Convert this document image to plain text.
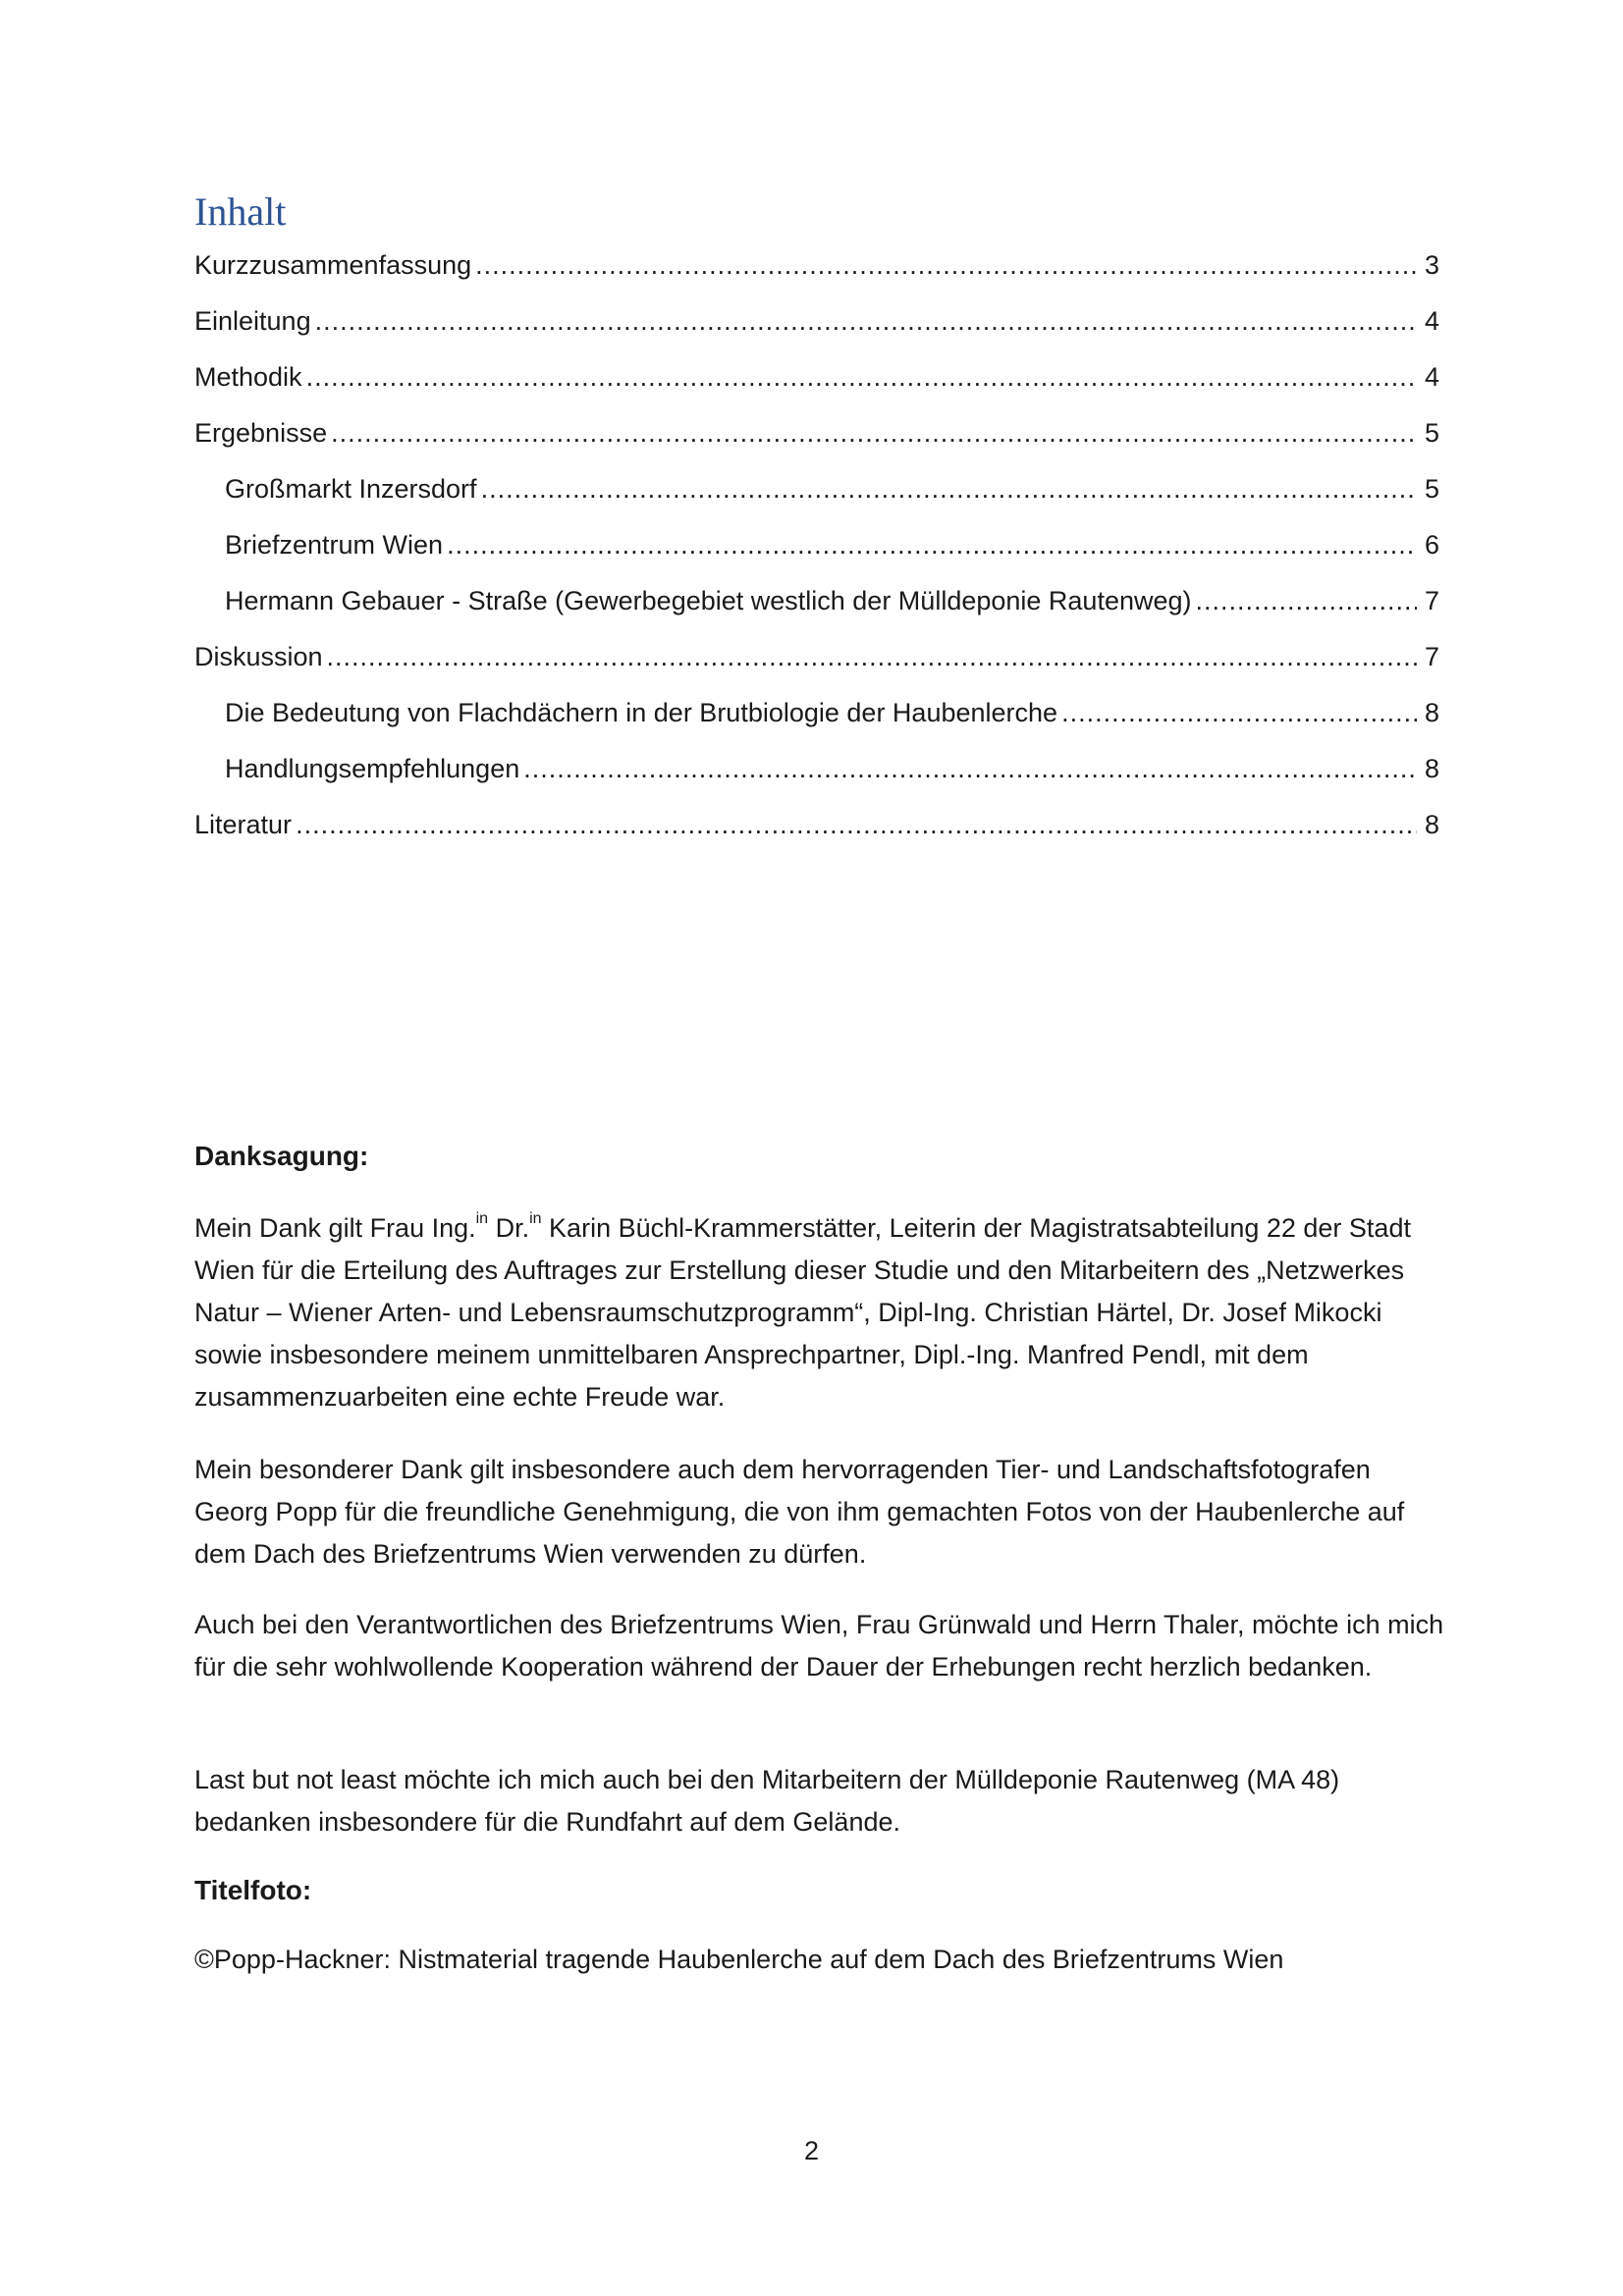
Inhalt
Kurzzusammenfassung .....	3
Einleitung .....	4
Methodik .....	4
Ergebnisse .....	5
Großmarkt Inzersdorf .....	5
Briefzentrum Wien .....	6
Hermann Gebauer - Straße (Gewerbegebiet westlich der Mülldeponie Rautenweg) .....	7
Diskussion .....	7
Die Bedeutung von Flachdächern in der Brutbiologie der Haubenlerche .....	8
Handlungsempfehlungen .....	8
Literatur .....	8
Danksagung:

Mein Dank gilt Frau Ing.$^{in}$ Dr.$^{in}$ Karin Büchl-Krammerstätter, Leiterin der Magistratsabteilung 22 der Stadt Wien für die Erteilung des Auftrages zur Erstellung dieser Studie und den Mitarbeitern des „Netzwerkes Natur – Wiener Arten- und Lebensraumschutzprogramm“, Dipl-Ing. Christian Härtel, Dr. Josef Mikocki sowie insbesondere meinem unmittelbaren Ansprechpartner, Dipl.-Ing. Manfred Pendl, mit dem zusammenzuarbeiten eine echte Freude war.

Mein besonderer Dank gilt insbesondere auch dem hervorragenden Tier- und Landschaftsfotografen Georg Popp für die freundliche Genehmigung, die von ihm gemachten Fotos von der Haubenlerche auf dem Dach des Briefzentrums Wien verwenden zu dürfen.

Auch bei den Verantwortlichen des Briefzentrums Wien, Frau Grünwald und Herrn Thaler, möchte ich mich für die sehr wohlwollende Kooperation während der Dauer der Erhebungen recht herzlich bedanken.

Last but not least möchte ich mich auch bei den Mitarbeitern der Mülldeponie Rautenweg (MA 48) bedanken insbesondere für die Rundfahrt auf dem Gelände.

Titelfoto:

©Popp-Hackner: Nistmaterial tragende Haubenlerche auf dem Dach des Briefzentrums Wien

2
